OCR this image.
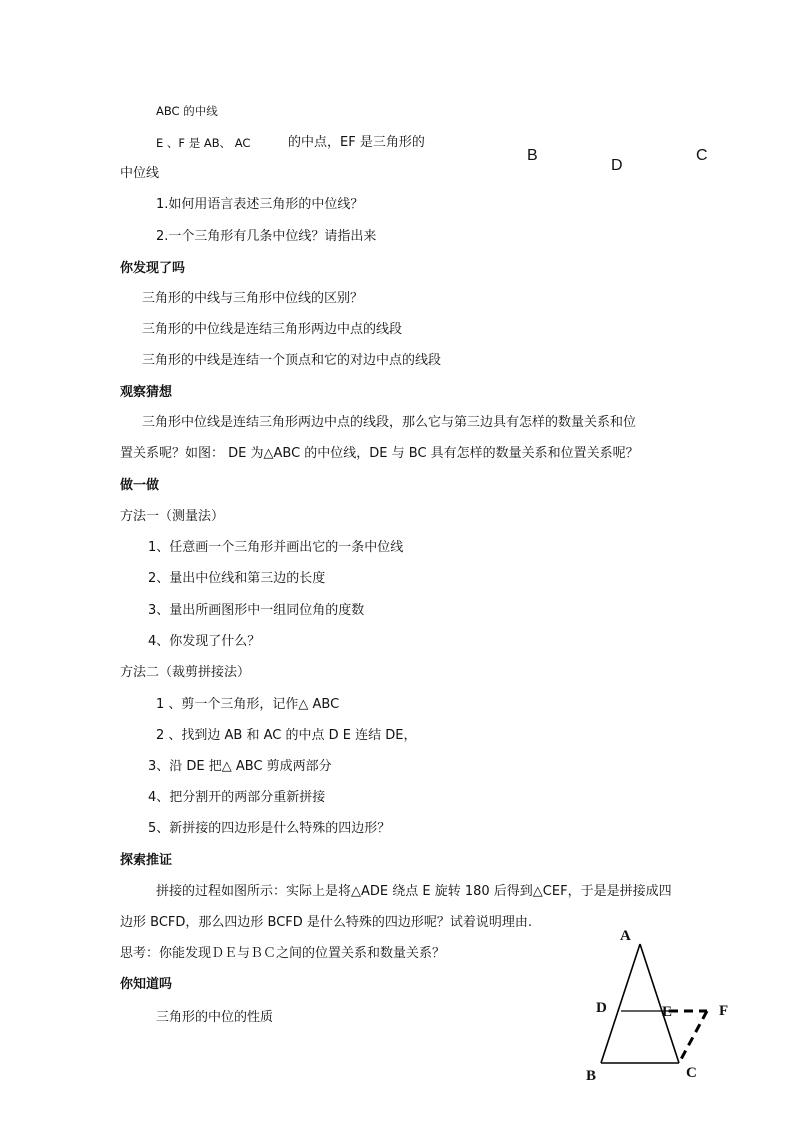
ABC 的中线
E 、F 是 AB、 AC	的中点，EF 是三角形的
中位线
1.如何用语言表述三角形的中位线？
2.一个三角形有几条中位线？请指出来
B
D
C
你发现了吗
三角形的中线与三角形中位线的区别？
三角形的中位线是连结三角形两边中点的线段
三角形的中线是连结一个顶点和它的对边中点的线段
观察猜想
三角形中位线是连结三角形两边中点的线段，那么它与第三边具有怎样的数量关系和位
置关系呢？如图： DE 为△ABC 的中位线，DE 与 BC 具有怎样的数量关系和位置关系呢？
做一做
方法一（测量法）
1、任意画一个三角形并画出它的一条中位线
2、量出中位线和第三边的长度
3、量出所画图形中一组同位角的度数
4、你发现了什么？
方法二（裁剪拼接法）
1 、剪一个三角形，记作△ ABC
2 、找到边 AB 和 AC 的中点 D E 连结 DE，
3、沿 DE 把△ ABC 剪成两部分
4、把分割开的两部分重新拼接
5、新拼接的四边形是什么特殊的四边形？
探索推证
拼接的过程如图所示：实际上是将△ADE 绕点 E 旋转 180 后得到△CEF，于是是拼接成四
边形 BCFD，那么四边形 BCFD 是什么特殊的四边形呢？试着说明理由.
思考：你能发现ＤＥ与ＢＣ之间的位置关系和数量关系？
你知道吗
三角形的中位的性质
A
D	E	F
B	C
